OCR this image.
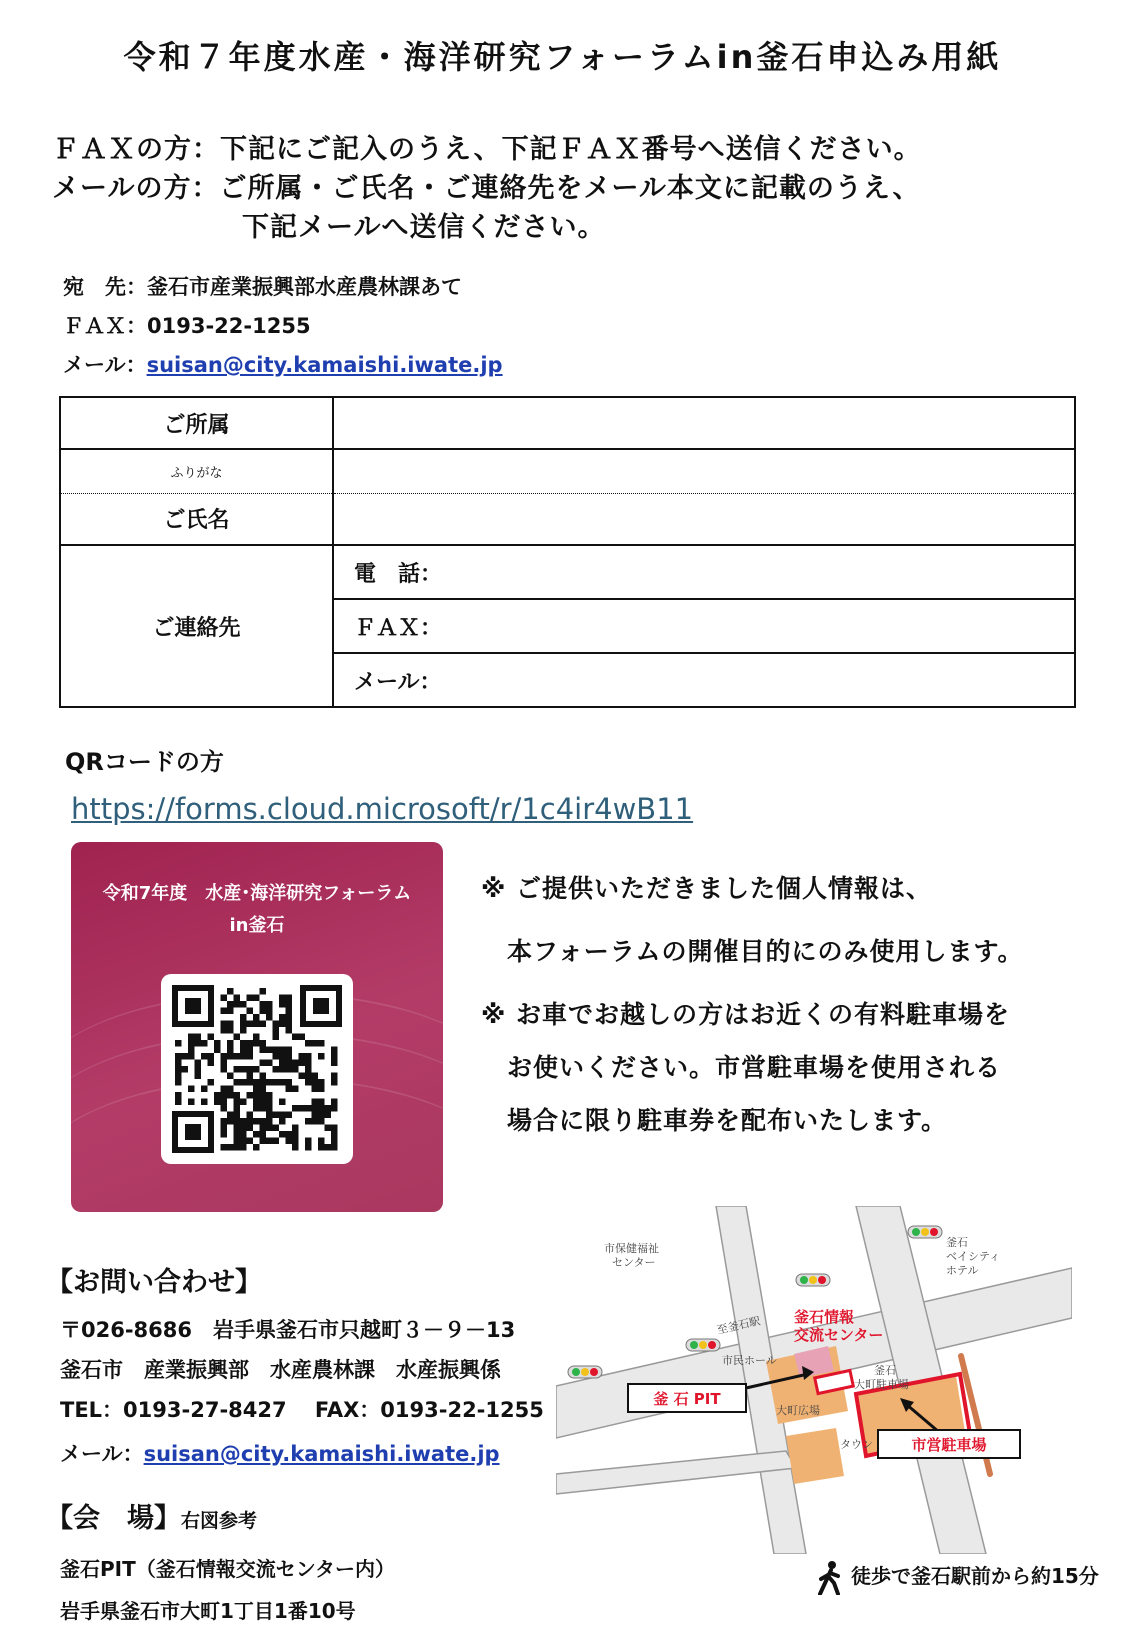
令和７年度水産・海洋研究フォーラムin釜石申込み用紙
ＦＡＸの方：下記にご記入のうえ、下記ＦＡＸ番号へ送信ください。
メールの方：ご所属・ご氏名・ご連絡先をメール本文に記載のうえ、
下記メールへ送信ください。
宛　先：釜石市産業振興部水産農林課あて
ＦＡＸ：0193-22-1255
メール：suisan@city.kamaishi.iwate.jp
ご所属	
ふりがな	
ご氏名	
ご連絡先	電　話：
	ＦＡＸ：
	メール：
QRコードの方
https://forms.cloud.microsoft/r/1c4ir4wB11
令和7年度　水産･海洋研究フォーラム
in釜石
※ ご提供いただきました個人情報は、
　本フォーラムの開催目的にのみ使用します。
※ お車でお越しの方はお近くの有料駐車場を
　お使いください。市営駐車場を使用される
　場合に限り駐車券を配布いたします。
【お問い合わせ】
〒026-8686　岩手県釜石市只越町３－９－13
釜石市　産業振興部　水産農林課　水産振興係
TEL：0193-27-8427　 FAX：0193-22-1255
メール：suisan@city.kamaishi.iwate.jp
【会　場】右図参考
釜石PIT（釜石情報交流センター内）
岩手県釜石市大町1丁目1番10号
市保健福祉
センター
釜石
ベイシティ
ホテル
至釜石駅
市民ホール
釜石
大町駐車場
大町広場
タウン
釜石情報
交流センター
釜 石 PIT
市営駐車場
徒歩で釜石駅前から約15分
